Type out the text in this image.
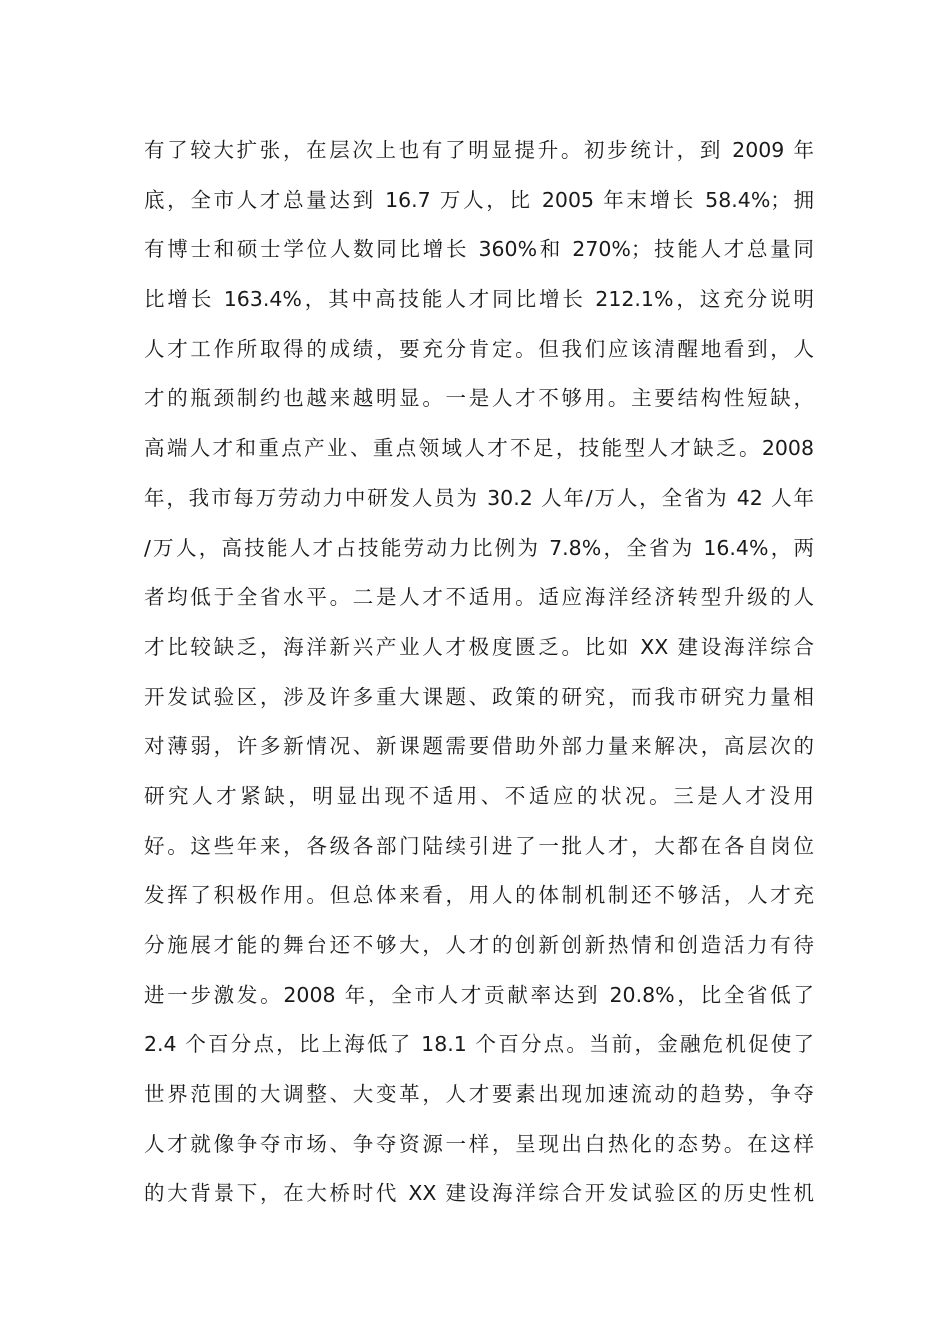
有了较大扩张，在层次上也有了明显提升。初步统计，到 2009 年
底，全市人才总量达到 16.7 万人，比 2005 年末增长 58.4%；拥
有博士和硕士学位人数同比增长 360%和 270%；技能人才总量同
比增长 163.4%，其中高技能人才同比增长 212.1%，这充分说明
人才工作所取得的成绩，要充分肯定。但我们应该清醒地看到，人
才的瓶颈制约也越来越明显。一是人才不够用。主要结构性短缺，
高端人才和重点产业、重点领域人才不足，技能型人才缺乏。2008
年，我市每万劳动力中研发人员为 30.2 人年/万人，全省为 42 人年
/万人，高技能人才占技能劳动力比例为 7.8%，全省为 16.4%，两
者均低于全省水平。二是人才不适用。适应海洋经济转型升级的人
才比较缺乏，海洋新兴产业人才极度匮乏。比如 XX 建设海洋综合
开发试验区，涉及许多重大课题、政策的研究，而我市研究力量相
对薄弱，许多新情况、新课题需要借助外部力量来解决，高层次的
研究人才紧缺，明显出现不适用、不适应的状况。三是人才没用
好。这些年来，各级各部门陆续引进了一批人才，大都在各自岗位
发挥了积极作用。但总体来看，用人的体制机制还不够活，人才充
分施展才能的舞台还不够大，人才的创新创新热情和创造活力有待
进一步激发。2008 年，全市人才贡献率达到 20.8%，比全省低了
2.4 个百分点，比上海低了 18.1 个百分点。当前，金融危机促使了
世界范围的大调整、大变革，人才要素出现加速流动的趋势，争夺
人才就像争夺市场、争夺资源一样，呈现出白热化的态势。在这样
的大背景下，在大桥时代 XX 建设海洋综合开发试验区的历史性机
